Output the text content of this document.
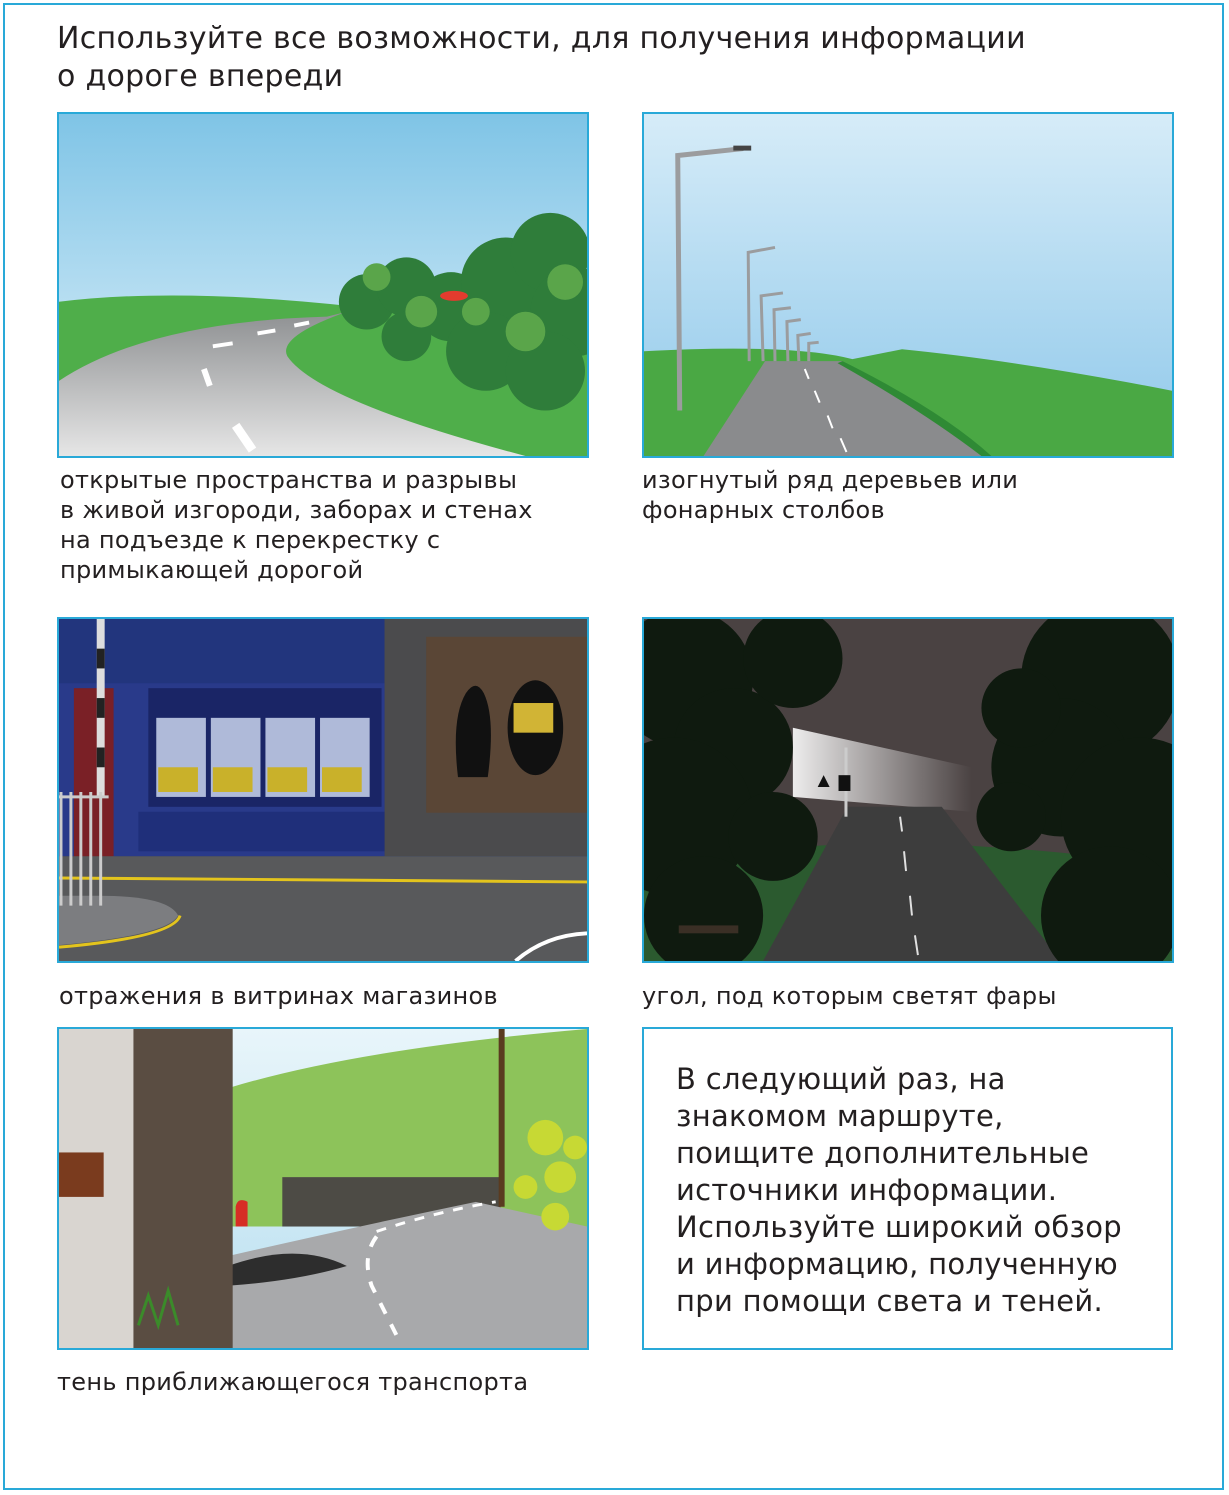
Используйте все возможности, для получения информации
о дороге впереди
открытые пространства и разрывы
в живой изгороди, заборах и стенах
на подъезде к перекрестку с
примыкающей дорогой
изогнутый ряд деревьев или
фонарных столбов
отражения в витринах магазинов	угол, под которым светят фары
тень приближающегося транспорта
В следующий раз, на
знакомом маршруте,
поищите дополнительные
источники информации.
Используйте широкий обзор
и информацию, полученную
при помощи света и теней.
